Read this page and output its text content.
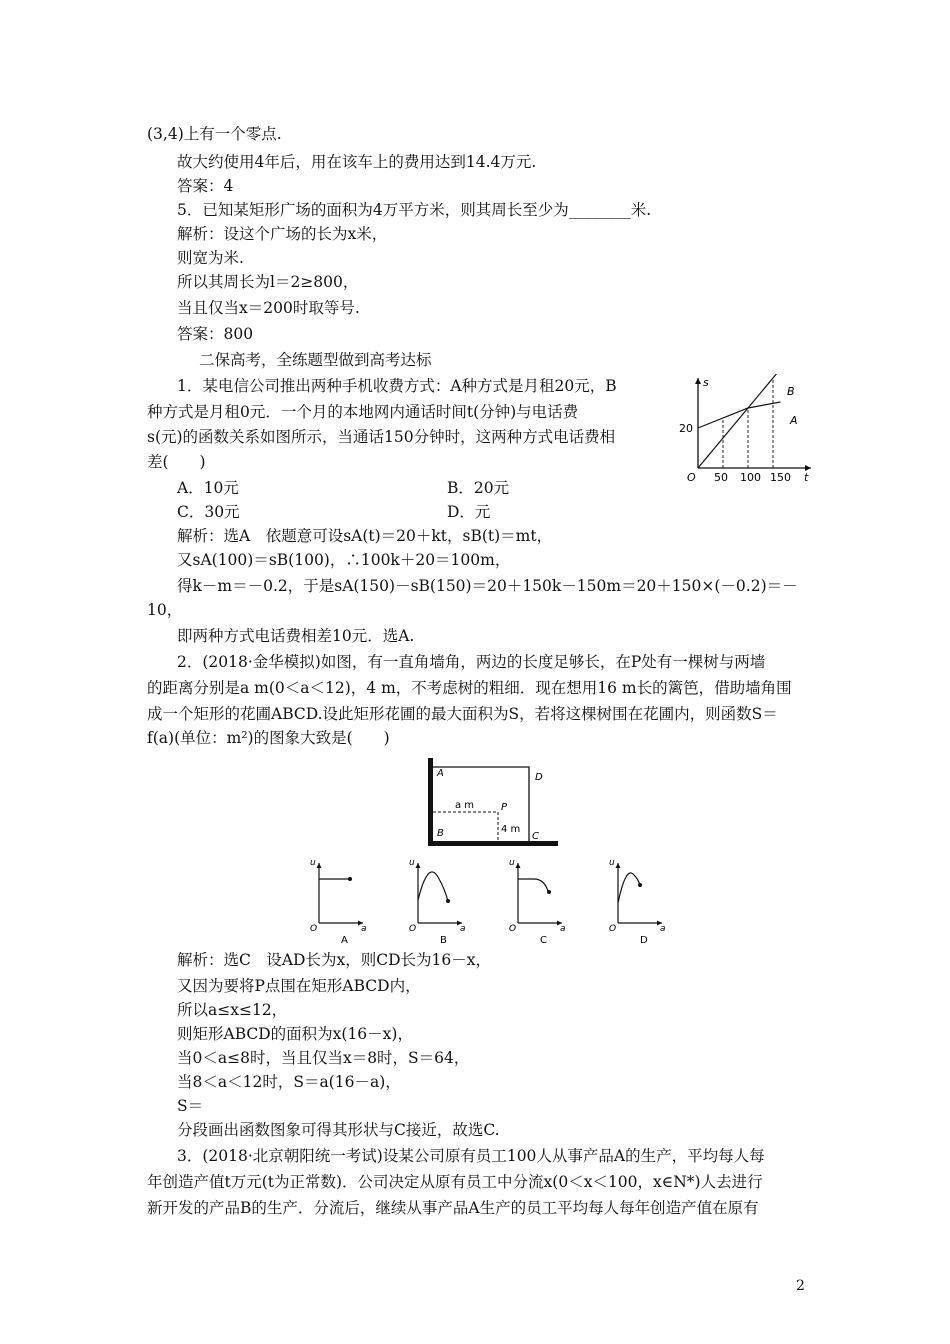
(3,4)上有一个零点.
故大约使用4年后，用在该车上的费用达到14.4万元.
答案：4
5．已知某矩形广场的面积为4万平方米，则其周长至少为________米.
解析：设这个广场的长为x米，
则宽为米.
所以其周长为l＝2≥800，
当且仅当x＝200时取等号.
答案：800
二保高考，全练题型做到高考达标
1．某电信公司推出两种手机收费方式：A种方式是月租20元，B
种方式是月租0元．一个月的本地网内通话时间t(分钟)与电话费
s(元)的函数关系如图所示，当通话150分钟时，这两种方式电话费相
差(　　)
A．10元	B．20元
C．30元	D．元
s
t
O
20
50 100 150
B
A
解析：选A　依题意可设sA(t)＝20＋kt，sB(t)＝mt，
又sA(100)＝sB(100)，∴100k＋20＝100m，
得k－m＝－0.2，于是sA(150)－sB(150)＝20＋150k－150m＝20＋150×(－0.2)＝－
10，
即两种方式电话费相差10元．选A.
2．(2018·金华模拟)如图，有一直角墙角，两边的长度足够长，在P处有一棵树与两墙
的距离分别是a m(0＜a＜12)，4 m，不考虑树的粗细．现在想用16 m长的篱笆，借助墙角围
成一个矩形的花圃ABCD.设此矩形花圃的最大面积为S，若将这棵树围在花圃内，则函数S＝
f(a)(单位：m²)的图象大致是(　　)
A	D
B	C
P
a m
4 m
u
O	a
A
u
O	a
B
u
O	a
C
u
O	a
D
解析：选C　设AD长为x，则CD长为16－x，
又因为要将P点围在矩形ABCD内，
所以a≤x≤12，
则矩形ABCD的面积为x(16－x)，
当0＜a≤8时，当且仅当x＝8时，S＝64，
当8＜a＜12时，S＝a(16－a)，
S＝
分段画出函数图象可得其形状与C接近，故选C.
3．(2018·北京朝阳统一考试)设某公司原有员工100人从事产品A的生产，平均每人每
年创造产值t万元(t为正常数)．公司决定从原有员工中分流x(0＜x＜100，x∈N*)人去进行
新开发的产品B的生产．分流后，继续从事产品A生产的员工平均每人每年创造产值在原有
2
